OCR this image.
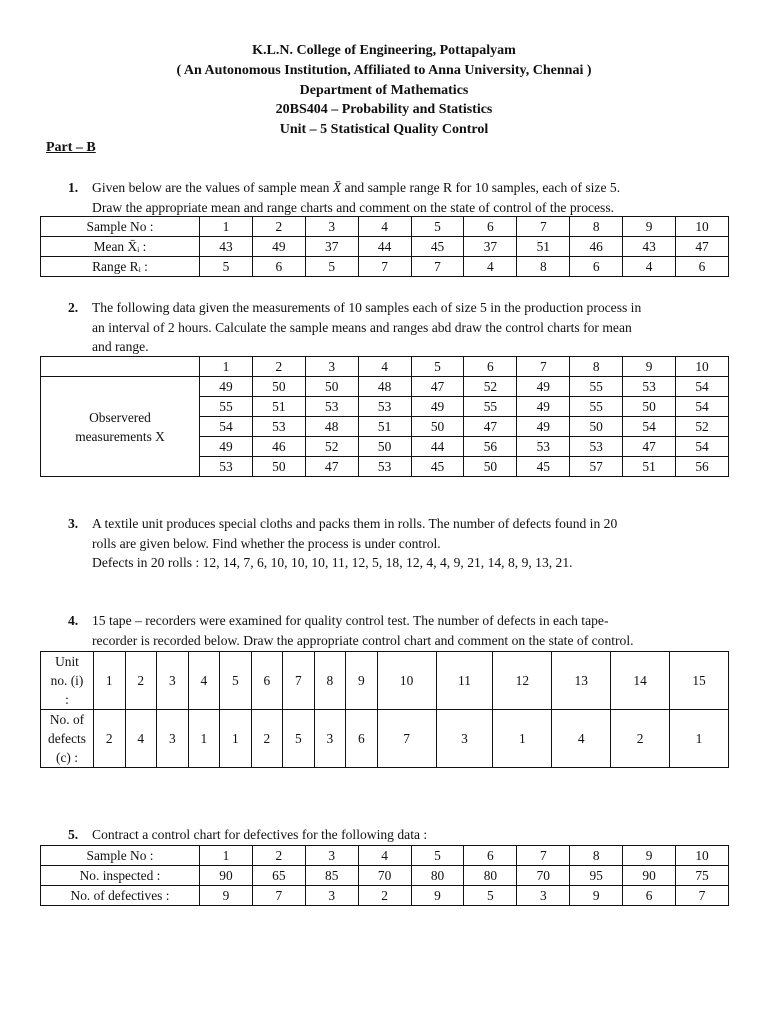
K.L.N. College of Engineering, Pottapalyam
( An Autonomous Institution, Affiliated to Anna University, Chennai )
Department of Mathematics
20BS404 – Probability and Statistics
Unit – 5 Statistical Quality Control
Part – B
1. Given below are the values of sample mean X̄ and sample range R for 10 samples, each of size 5.
Draw the appropriate mean and range charts and comment on the state of control of the process.
Sample No :	1	2	3	4	5	6	7	8	9	10
Mean X̄ᵢ :	43	49	37	44	45	37	51	46	43	47
Range Rᵢ :	5	6	5	7	7	4	8	6	4	6
2. The following data given the measurements of 10 samples each of size 5 in the production process in
an interval of 2 hours. Calculate the sample means and ranges abd draw the control charts for mean
and range.
	1	2	3	4	5	6	7	8	9	10

Observered
measurements X	49	50	50	48	47	52	49	55	53	54
	55	51	53	53	49	55	49	55	50	54
	54	53	48	51	50	47	49	50	54	52
	49	46	52	50	44	56	53	53	47	54
	53	50	47	53	45	50	45	57	51	56
3. A textile unit produces special cloths and packs them in rolls. The number of defects found in 20
rolls are given below. Find whether the process is under control.
Defects in 20 rolls : 12, 14, 7, 6, 10, 10, 10, 11, 12, 5, 18, 12, 4, 4, 9, 21, 14, 8, 9, 13, 21.
4. 15 tape – recorders were examined for quality control test. The number of defects in each tape-
recorder is recorded below. Draw the appropriate control chart and comment on the state of control.
Unit
no. (i)
:	1	2	3	4	5	6	7	8	9	10	11	12	13	14	15

No. of
defects
(c) :	2	4	3	1	1	2	5	3	6	7	3	1	4	2	1
5. Contract a control chart for defectives for the following data :
Sample No :	1	2	3	4	5	6	7	8	9	10
No. inspected :	90	65	85	70	80	80	70	95	90	75
No. of defectives :	9	7	3	2	9	5	3	9	6	7
